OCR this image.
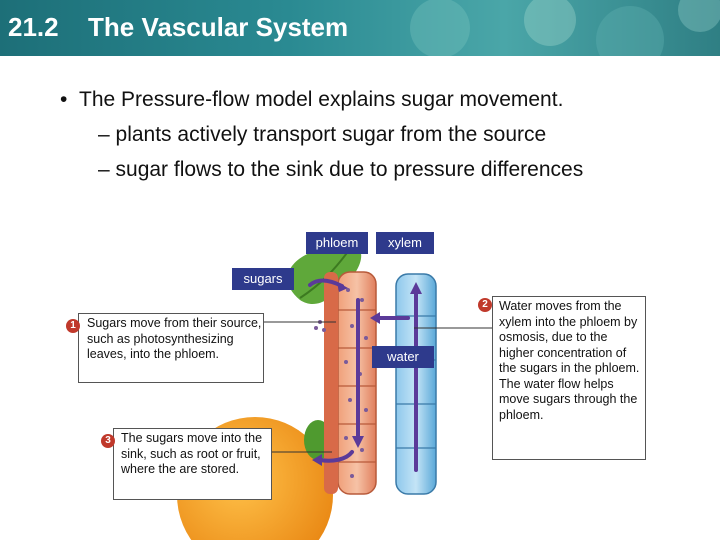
21.2 The Vascular System
•  The Pressure-flow model explains sugar movement.
– plants actively transport sugar from the source
– sugar flows to the sink due to pressure differences
phloem	xylem
sugars
water
Sugars move from their source, such as photosynthesizing leaves, into the phloem.
1
The sugars move into the sink, such as root or fruit, where the are stored.
3
Water moves from the xylem into the phloem by osmosis, due to the higher concentration of the sugars in the phloem. The water flow helps move sugars through the phloem.
2
